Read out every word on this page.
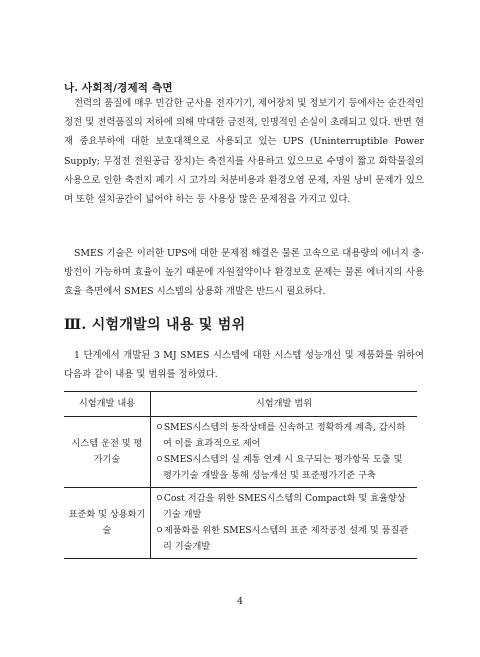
나. 사회적/경제적 측면

전력의 품질에 매우 민감한 군사용 전자기기, 제어장치 및 정보기기 등에서는 순간적인 정전 및 전력품질의 저하에 의해 막대한 금전적, 인명적인 손실이 초래되고 있다. 반면 현재 중요부하에 대한 보호대책으로 사용되고 있는 UPS (Uninterruptible Power Supply; 무정전 전원공급 장치)는 축전지를 사용하고 있으므로 수명이 짧고 화학물질의 사용으로 인한 축전지 폐기 시 고가의 처분비용과 환경오염 문제, 자원 낭비 문제가 있으며 또한 설치공간이 넓어야 하는 등 사용상 많은 문제점을 가지고 있다.

SMES 기술은 이러한 UPS에 대한 문제점 해결은 물론 고속으로 대용량의 에너지 충·방전이 가능하며 효율이 높기 때문에 자원절약이나 환경보호 문제는 물론 에너지의 사용효율 측면에서 SMES 시스템의 상용화 개발은 반드시 필요하다.

Ⅲ. 시험개발의 내용 및 범위

1 단계에서 개발된 3 MJ SMES 시스템에 대한 시스템 성능개선 및 제품화를 위하여 다음과 같이 내용 및 범위를 정하였다.

시험개발 내용	시험개발 범위
시스템 운전 및 평가기술	ㅇSMES시스템의 동작상태를 신속하고 정확하게 계측, 감시하여 이를 효과적으로 제어
ㅇSMES시스템의 실 계통 연계 시 요구되는 평가항목 도출 및 평가기술 개발을 통해 성능개선 및 표준평가기준 구축

표준화 및 상용화기술	ㅇCost 저감을 위한 SMES시스템의 Compact화 및 효율향상 기술 개발
ㅇ제품화를 위한 SMES시스템의 표준 제작공정 설계 및 품질관리 기술개발
4
